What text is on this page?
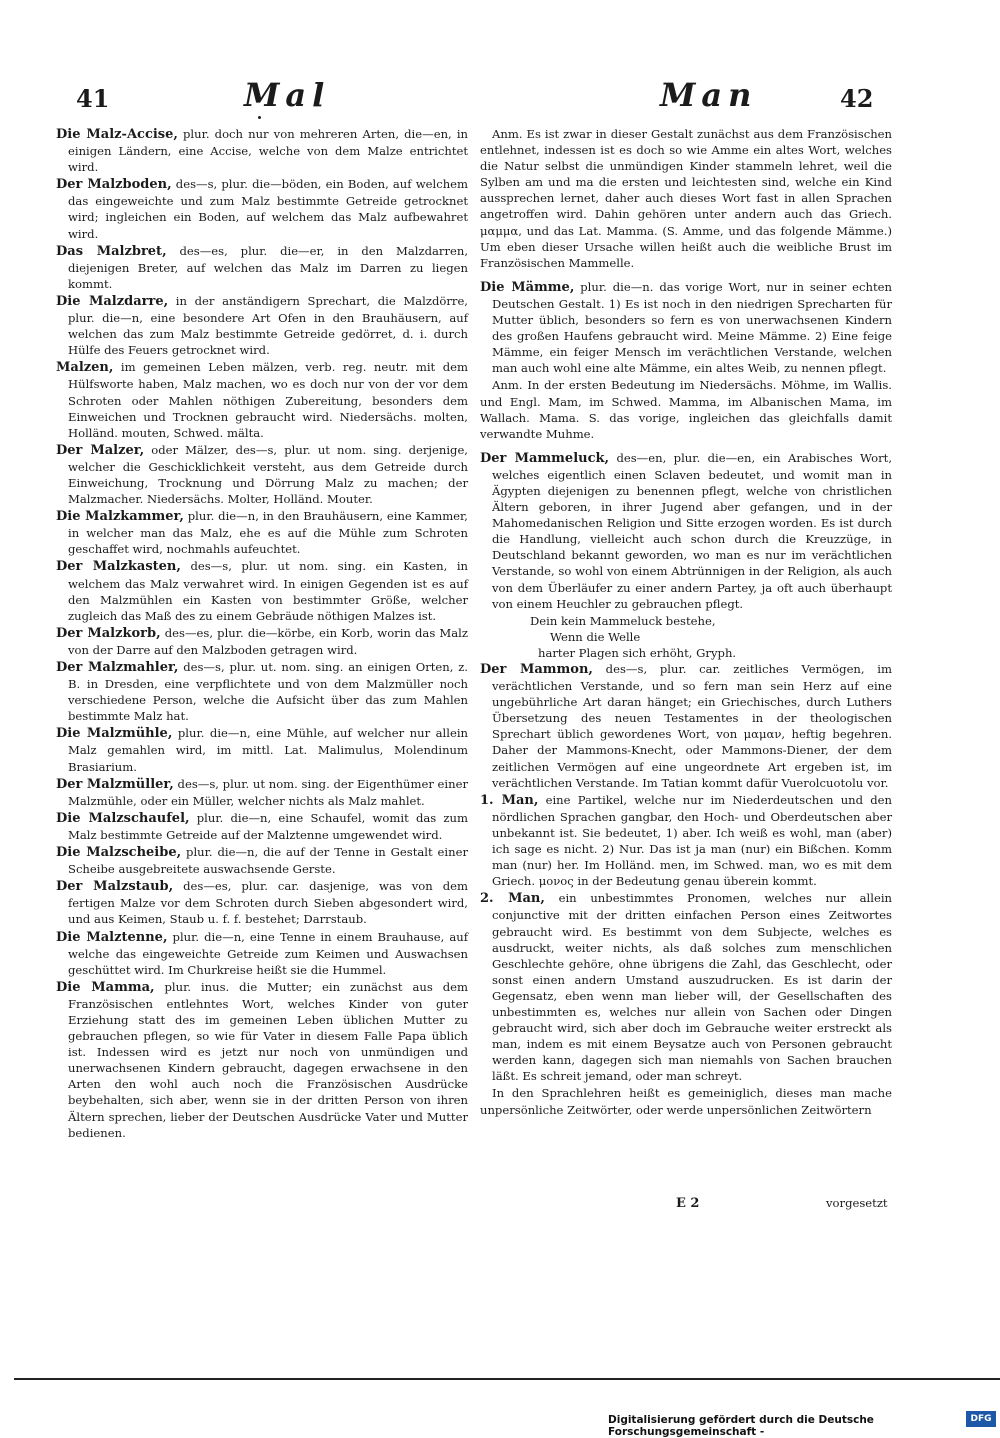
41	Mal	Man	42

Die Malz-Accise, plur. doch nur von mehreren Arten, die—en, in einigen Ländern, eine Accise, welche von dem Malze entrichtet wird.

Der Malzboden, des—s, plur. die—böden, ein Boden, auf welchem das eingeweichte und zum Malz bestimmte Getreide getrocknet wird; ingleichen ein Boden, auf welchem das Malz aufbewahret wird.

Das Malzbret, des—es, plur. die—er, in den Malzdarren, diejenigen Breter, auf welchen das Malz im Darren zu liegen kommt.

Die Malzdarre, in der anständigern Sprechart, die Malzdörre, plur. die—n, eine besondere Art Ofen in den Brauhäusern, auf welchen das zum Malz bestimmte Getreide gedörret, d. i. durch Hülfe des Feuers getrocknet wird.

Malzen, im gemeinen Leben mälzen, verb. reg. neutr. mit dem Hülfsworte haben, Malz machen, wo es doch nur von der vor dem Schroten oder Mahlen nöthigen Zubereitung, besonders dem Einweichen und Trocknen gebraucht wird. Niedersächs. molten, Holländ. mouten, Schwed. mälta.

Der Malzer, oder Mälzer, des—s, plur. ut nom. sing. derjenige, welcher die Geschicklichkeit versteht, aus dem Getreide durch Einweichung, Trocknung und Dörrung Malz zu machen; der Malzmacher. Niedersächs. Molter, Holländ. Mouter.

Die Malzkammer, plur. die—n, in den Brauhäusern, eine Kammer, in welcher man das Malz, ehe es auf die Mühle zum Schroten geschaffet wird, nochmahls aufeuchtet.

Der Malzkasten, des—s, plur. ut nom. sing. ein Kasten, in welchem das Malz verwahret wird. In einigen Gegenden ist es auf den Malzmühlen ein Kasten von bestimmter Größe, welcher zugleich das Maß des zu einem Gebräude nöthigen Malzes ist.

Der Malzkorb, des—es, plur. die—körbe, ein Korb, worin das Malz von der Darre auf den Malzboden getragen wird.

Der Malzmahler, des—s, plur. ut. nom. sing. an einigen Orten, z. B. in Dresden, eine verpflichtete und von dem Malzmüller noch verschiedene Person, welche die Aufsicht über das zum Mahlen bestimmte Malz hat.

Die Malzmühle, plur. die—n, eine Mühle, auf welcher nur allein Malz gemahlen wird, im mittl. Lat. Malimulus, Molendinum Brasiarium.

Der Malzmüller, des—s, plur. ut nom. sing. der Eigenthümer einer Malzmühle, oder ein Müller, welcher nichts als Malz mahlet.

Die Malzschaufel, plur. die—n, eine Schaufel, womit das zum Malz bestimmte Getreide auf der Malztenne umgewendet wird.

Die Malzscheibe, plur. die—n, die auf der Tenne in Gestalt einer Scheibe ausgebreitete auswachsende Gerste.

Der Malzstaub, des—es, plur. car. dasjenige, was von dem fertigen Malze vor dem Schroten durch Sieben abgesondert wird, und aus Keimen, Staub u. f. f. bestehet; Darrstaub.

Die Malztenne, plur. die—n, eine Tenne in einem Brauhause, auf welche das eingeweichte Getreide zum Keimen und Auswachsen geschüttet wird. Im Churkreise heißt sie die Hummel.

Die Mamma, plur. inus. die Mutter; ein zunächst aus dem Französischen entlehntes Wort, welches Kinder von guter Erziehung statt des im gemeinen Leben üblichen Mutter zu gebrauchen pflegen, so wie für Vater in diesem Falle Papa üblich ist. Indessen wird es jetzt nur noch von unmündigen und unerwachsenen Kindern gebraucht, dagegen erwachsene in den Arten den wohl auch noch die Französischen Ausdrücke beybehalten, sich aber, wenn sie in der dritten Person von ihren Ältern sprechen, lieber der Deutschen Ausdrücke Vater und Mutter bedienen.

Anm. Es ist zwar in dieser Gestalt zunächst aus dem Französischen entlehnet, indessen ist es doch so wie Amme ein altes Wort, welches die Natur selbst die unmündigen Kinder stammeln lehret, weil die Sylben am und ma die ersten und leichtesten sind, welche ein Kind aussprechen lernet, daher auch dieses Wort fast in allen Sprachen angetroffen wird. Dahin gehören unter andern auch das Griech. μαμμα, und das Lat. Mamma. (S. Amme, und das folgende Mämme.) Um eben dieser Ursache willen heißt auch die weibliche Brust im Französischen Mammelle.

Die Mämme, plur. die—n. das vorige Wort, nur in seiner echten Deutschen Gestalt. 1) Es ist noch in den niedrigen Sprecharten für Mutter üblich, besonders so fern es von unerwachsenen Kindern des großen Haufens gebraucht wird. Meine Mämme. 2) Eine feige Mämme, ein feiger Mensch im verächtlichen Verstande, welchen man auch wohl eine alte Mämme, ein altes Weib, zu nennen pflegt.

Anm. In der ersten Bedeutung im Niedersächs. Möhme, im Wallis. und Engl. Mam, im Schwed. Mamma, im Albanischen Mama, im Wallach. Mama. S. das vorige, ingleichen das gleichfalls damit verwandte Muhme.

Der Mammeluck, des—en, plur. die—en, ein Arabisches Wort, welches eigentlich einen Sclaven bedeutet, und womit man in Ägypten diejenigen zu benennen pflegt, welche von christlichen Ältern geboren, in ihrer Jugend aber gefangen, und in der Mahomedanischen Religion und Sitte erzogen worden. Es ist durch die Handlung, vielleicht auch schon durch die Kreuzzüge, in Deutschland bekannt geworden, wo man es nur im verächtlichen Verstande, so wohl von einem Abtrünnigen in der Religion, als auch von dem Überläufer zu einer andern Partey, ja oft auch überhaupt von einem Heuchler zu gebrauchen pflegt.

Dein kein Mammeluck bestehe,

Wenn die Welle

harter Plagen sich erhöht, Gryph.

Der Mammon, des—s, plur. car. zeitliches Vermögen, im verächtlichen Verstande, und so fern man sein Herz auf eine ungebührliche Art daran hänget; ein Griechisches, durch Luthers Übersetzung des neuen Testamentes in der theologischen Sprechart üblich gewordenes Wort, von μαμαν, heftig begehren. Daher der Mammons-Knecht, oder Mammons-Diener, der dem zeitlichen Vermögen auf eine ungeordnete Art ergeben ist, im verächtlichen Verstande. Im Tatian kommt dafür Vuerolcuotolu vor.

1. Man, eine Partikel, welche nur im Niederdeutschen und den nördlichen Sprachen gangbar, den Hoch- und Oberdeutschen aber unbekannt ist. Sie bedeutet, 1) aber. Ich weiß es wohl, man (aber) ich sage es nicht. 2) Nur. Das ist ja man (nur) ein Bißchen. Komm man (nur) her. Im Holländ. men, im Schwed. man, wo es mit dem Griech. μονος in der Bedeutung genau überein kommt.

2. Man, ein unbestimmtes Pronomen, welches nur allein conjunctive mit der dritten einfachen Person eines Zeitwortes gebraucht wird. Es bestimmt von dem Subjecte, welches es ausdruckt, weiter nichts, als daß solches zum menschlichen Geschlechte gehöre, ohne übrigens die Zahl, das Geschlecht, oder sonst einen andern Umstand auszudrucken. Es ist darin der Gegensatz, eben wenn man lieber will, der Gesellschaften des unbestimmten es, welches nur allein von Sachen oder Dingen gebraucht wird, sich aber doch im Gebrauche weiter erstreckt als man, indem es mit einem Beysatze auch von Personen gebraucht werden kann, dagegen sich man niemahls von Sachen brauchen läßt. Es schreit jemand, oder man schreyt.

In den Sprachlehren heißt es gemeiniglich, dieses man mache unpersönliche Zeitwörter, oder werde unpersönlichen Zeitwörtern

E 2	vorgesetzt
Digitalisierung gefördert durch die Deutsche Forschungsgemeinschaft -
DFG
